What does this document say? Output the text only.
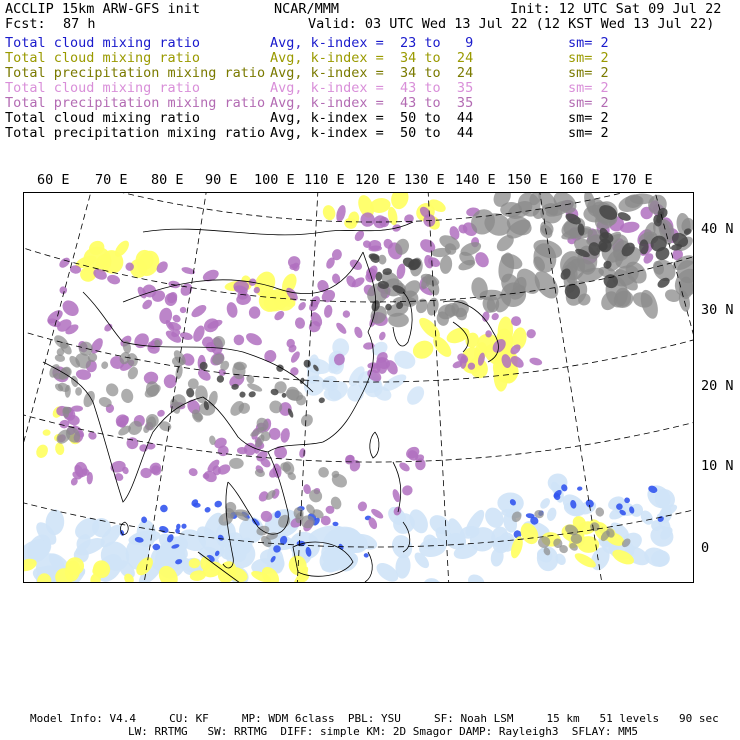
ACCLIP 15km ARW-GFS init	NCAR/MMM	Init: 12 UTC Sat 09 Jul 22
Fcst: 87 h	Valid: 03 UTC Wed 13 Jul 22 (12 KST Wed 13 Jul 22)
Total cloud mixing ratio	Avg, k-index =  23 to   9	sm= 2
Total cloud mixing ratio	Avg, k-index =  34 to  24	sm= 2
Total precipitation mixing ratio Avg, k-index =  34 to  24	sm= 2
Total cloud mixing ratio	Avg, k-index =  43 to  35	sm= 2
Total precipitation mixing ratio Avg, k-index =  43 to  35	sm= 2
Total cloud mixing ratio	Avg, k-index =  50 to  44	sm= 2
Total precipitation mixing ratio Avg, k-index =  50 to  44	sm= 2
60 E 70 E 80 E 90 E 100 E 110 E 120 E 130 E 140 E 150 E 160 E 170 E
40 N
30 N
20 N
10 N
0
Model Info: V4.4     CU: KF     MP: WDM 6class  PBL: YSU     SF: Noah LSM     15 km   51 levels   90 sec
LW: RRTMG   SW: RRTMG  DIFF: simple KM: 2D Smagor DAMP: Rayleigh3  SFLAY: MM5
